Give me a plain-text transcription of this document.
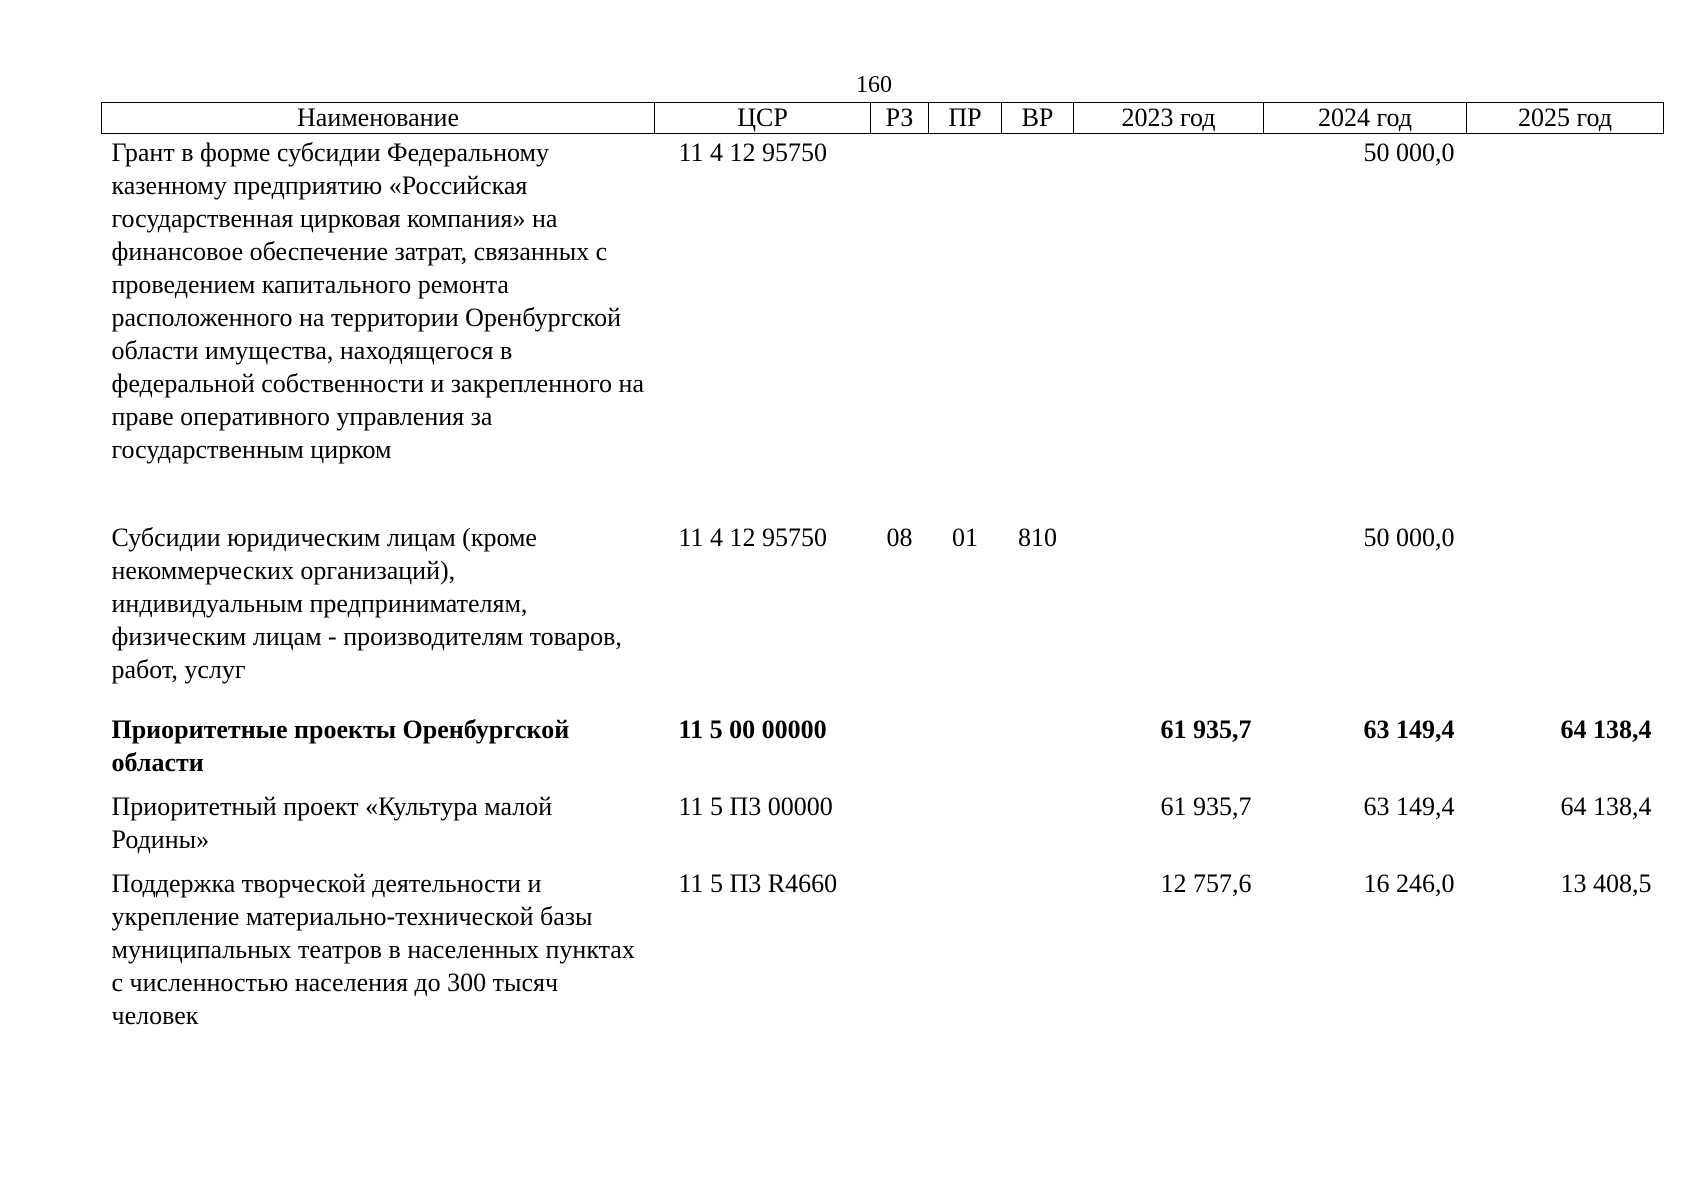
160
Наименование	ЦСР	РЗ	ПР	ВР	2023 год	2024 год	2025 год
Грант в форме субсидии Федеральному казенному предприятию «Российская государственная цирковая компания» на финансовое обеспечение затрат, связанных с проведением капитального ремонта расположенного на территории Оренбургской области имущества, находящегося в федеральной собственности и закрепленного на праве оперативного управления за государственным цирком	11 4 12 95750					50 000,0	
Субсидии юридическим лицам (кроме некоммерческих организаций), индивидуальным предпринимателям, физическим лицам - производителям товаров, работ, услуг	11 4 12 95750	08	01	810		50 000,0	
Приоритетные проекты Оренбургской области	11 5 00 00000				61 935,7	63 149,4	64 138,4
Приоритетный проект «Культура малой Родины»	11 5 П3 00000				61 935,7	63 149,4	64 138,4
Поддержка творческой деятельности и укрепление материально-технической базы муниципальных театров в населенных пунктах с численностью населения до 300 тысяч человек	11 5 П3 R4660				12 757,6	16 246,0	13 408,5
